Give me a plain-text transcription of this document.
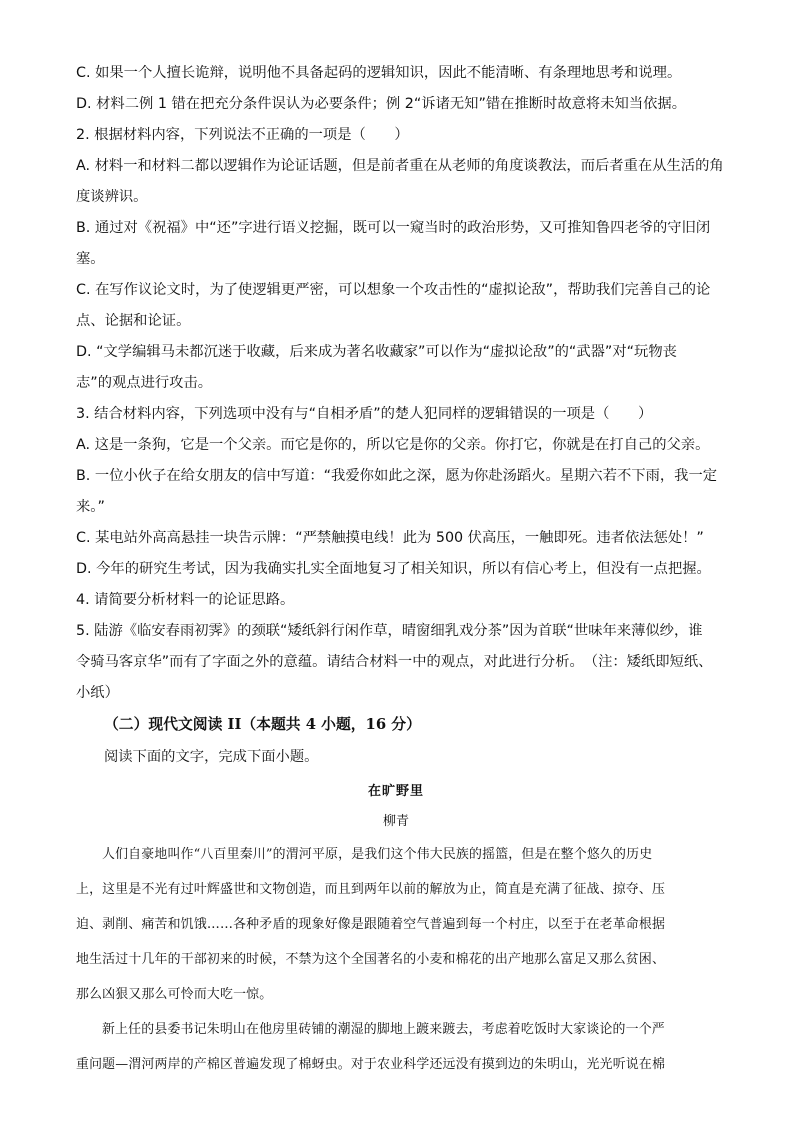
C. 如果一个人擅长诡辩，说明他不具备起码的逻辑知识，因此不能清晰、有条理地思考和说理。

D. 材料二例 1 错在把充分条件误认为必要条件；例 2“诉诸无知”错在推断时故意将未知当依据。

2. 根据材料内容，下列说法不正确的一项是（　　）

A. 材料一和材料二都以逻辑作为论证话题，但是前者重在从老师的角度谈教法，而后者重在从生活的角

度谈辨识。

B. 通过对《祝福》中“还”字进行语义挖掘，既可以一窥当时的政治形势，又可推知鲁四老爷的守旧闭

塞。

C. 在写作议论文时，为了使逻辑更严密，可以想象一个攻击性的“虚拟论敌”，帮助我们完善自己的论

点、论据和论证。

D. “文学编辑马未都沉迷于收藏，后来成为著名收藏家”可以作为“虚拟论敌”的“武器”对“玩物丧

志”的观点进行攻击。

3. 结合材料内容，下列选项中没有与“自相矛盾”的楚人犯同样的逻辑错误的一项是（　　）

A. 这是一条狗，它是一个父亲。而它是你的，所以它是你的父亲。你打它，你就是在打自己的父亲。

B. 一位小伙子在给女朋友的信中写道：“我爱你如此之深，愿为你赴汤蹈火。星期六若不下雨，我一定

来。”

C. 某电站外高高悬挂一块告示牌：“严禁触摸电线！此为 500 伏高压，一触即死。违者依法惩处！”

D. 今年的研究生考试，因为我确实扎实全面地复习了相关知识，所以有信心考上，但没有一点把握。

4. 请简要分析材料一的论证思路。

5. 陆游《临安春雨初霁》的颈联“矮纸斜行闲作草，晴窗细乳戏分茶”因为首联“世味年来薄似纱，谁

令骑马客京华”而有了字面之外的意蕴。请结合材料一中的观点，对此进行分析。　（注：矮纸即短纸、

小纸）

（二）现代文阅读 II（本题共 4 小题，16 分）

阅读下面的文字，完成下面小题。

在旷野里

柳青

人们自豪地叫作“八百里秦川”的渭河平原，是我们这个伟大民族的摇篮，但是在整个悠久的历史

上，这里是不光有过叶辉盛世和文物创造，而且到两年以前的解放为止，简直是充满了征战、掠夺、压

迫、剥削、痛苦和饥饿……各种矛盾的现象好像是跟随着空气普遍到每一个村庄，以至于在老革命根据

地生活过十几年的干部初来的时候，不禁为这个全国著名的小麦和棉花的出产地那么富足又那么贫困、

那么凶狠又那么可怜而大吃一惊。

新上任的县委书记朱明山在他房里砖铺的潮湿的脚地上踱来踱去，考虑着吃饭时大家谈论的一个严

重问题—渭河两岸的产棉区普遍发现了棉蚜虫。对于农业科学还远没有摸到边的朱明山，光光听说在棉
